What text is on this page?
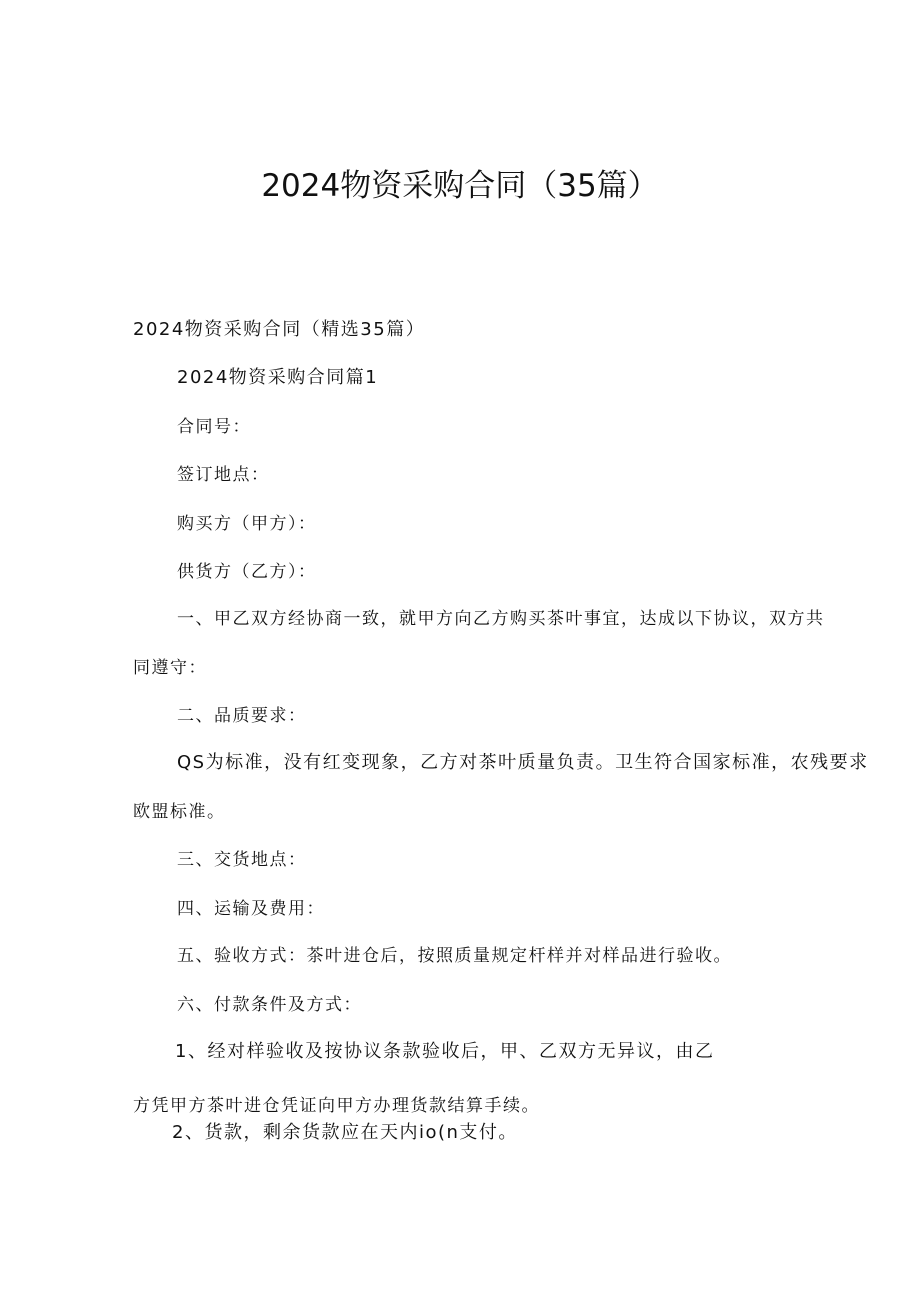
2024物资采购合同（35篇）
2024物资采购合同（精选35篇）
2024物资采购合同篇1
合同号：
签订地点：
购买方（甲方）：
供货方（乙方）：
一、甲乙双方经协商一致，就甲方向乙方购买茶叶事宜，达成以下协议，双方共
同遵守：
二、品质要求：
QS为标准，没有红变现象，乙方对茶叶质量负责。卫生符合国家标准，农残要求
欧盟标准。
三、交货地点：
四、运输及费用：
五、验收方式：茶叶进仓后，按照质量规定杆样并对样品进行验收。
六、付款条件及方式：
1、经对样验收及按协议条款验收后，甲、乙双方无异议，由乙
方凭甲方茶叶进仓凭证向甲方办理货款结算手续。
2、货款，剩余货款应在天内io(n支付。
